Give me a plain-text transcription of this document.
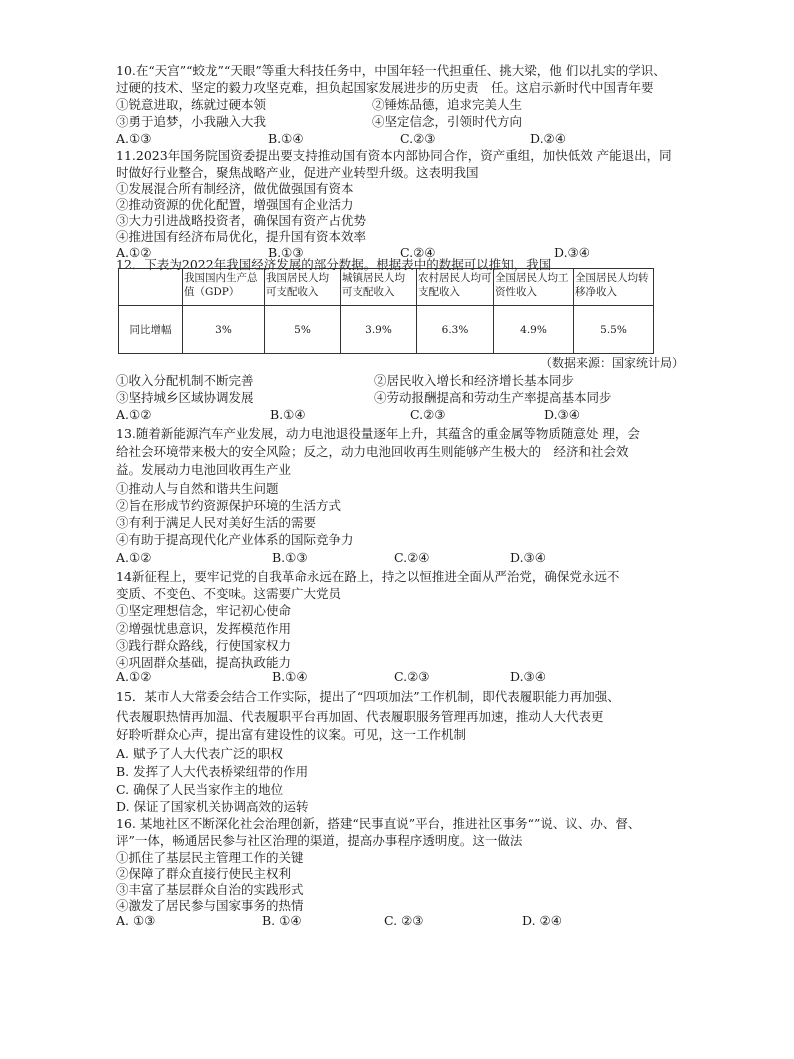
10.在“天宫”“蛟龙”“天眼”等重大科技任务中，中国年轻一代担重任、挑大梁，他 们以扎实的学识、
过硬的技术、坚定的毅力攻坚克难，担负起国家发展进步的历史责　任。这启示新时代中国青年要
①锐意进取，练就过硬本领	②锤炼品德，追求完美人生
③勇于追梦，小我融入大我	④坚定信念，引领时代方向
A.①③	B.①④	C.②③	D.②④
11.2023年国务院国资委提出要支持推动国有资本内部协同合作，资产重组，加快低效 产能退出，同
时做好行业整合，聚焦战略产业，促进产业转型升级。这表明我国
①发展混合所有制经济，做优做强国有资本
②推动资源的优化配置，增强国有企业活力
③大力引进战略投资者，确保国有资产占优势
④推进国有经济布局优化，提升国有资本效率
A.①②	B.①③	C.②④	D.③④
12．下表为2022年我国经济发展的部分数据。根据表中的数据可以推知，我国
	我国国内生产总值（GDP）	我国居民人均可支配收入	城镇居民人均可支配收入	农村居民人均可支配收入	全国居民人均工资性收入	全国居民人均转移净收入
同比增幅	3%	5%	3.9%	6.3%	4.9%	5.5%
（数据来源：国家统计局）
①收入分配机制不断完善	②居民收入增长和经济增长基本同步
③坚持城乡区域协调发展	④劳动报酬提高和劳动生产率提高基本同步
A.①②	B.①④	C.②③	D.③④
13.随着新能源汽车产业发展，动力电池退役量逐年上升，其蕴含的重金属等物质随意处 理，会
给社会环境带来极大的安全风险；反之，动力电池回收再生则能够产生极大的　经济和社会效
益。发展动力电池回收再生产业
①推动人与自然和谐共生问题
②旨在形成节约资源保护环境的生活方式
③有利于满足人民对美好生活的需要
④有助于提高现代化产业体系的国际竞争力
A.①②	B.①③	C.②④	D.③④
14新征程上，要牢记党的自我革命永远在路上，持之以恒推进全面从严治党，确保党永远不
变质、不变色、不变味。这需要广大党员
①坚定理想信念，牢记初心使命
②增强忧患意识，发挥模范作用
③践行群众路线，行使国家权力
④巩固群众基础，提高执政能力
A.①②	B.①④	C.②③	D.③④
15．某市人大常委会结合工作实际，提出了“四项加法”工作机制，即代表履职能力再加强、
代表履职热情再加温、代表履职平台再加固、代表履职服务管理再加速，推动人大代表更
好聆听群众心声，提出富有建设性的议案。可见，这一工作机制
A. 赋予了人大代表广泛的职权
B. 发挥了人大代表桥梁纽带的作用
C. 确保了人民当家作主的地位
D. 保证了国家机关协调高效的运转
16. 某地社区不断深化社会治理创新，搭建“民事直说”平台，推进社区事务“”说、议、办、督、
评”一体，畅通居民参与社区治理的渠道，提高办事程序透明度。这一做法
①抓住了基层民主管理工作的关键
②保障了群众直接行使民主权利
③丰富了基层群众自治的实践形式
④激发了居民参与国家事务的热情
A. ①③	B. ①④	C. ②③	D. ②④
